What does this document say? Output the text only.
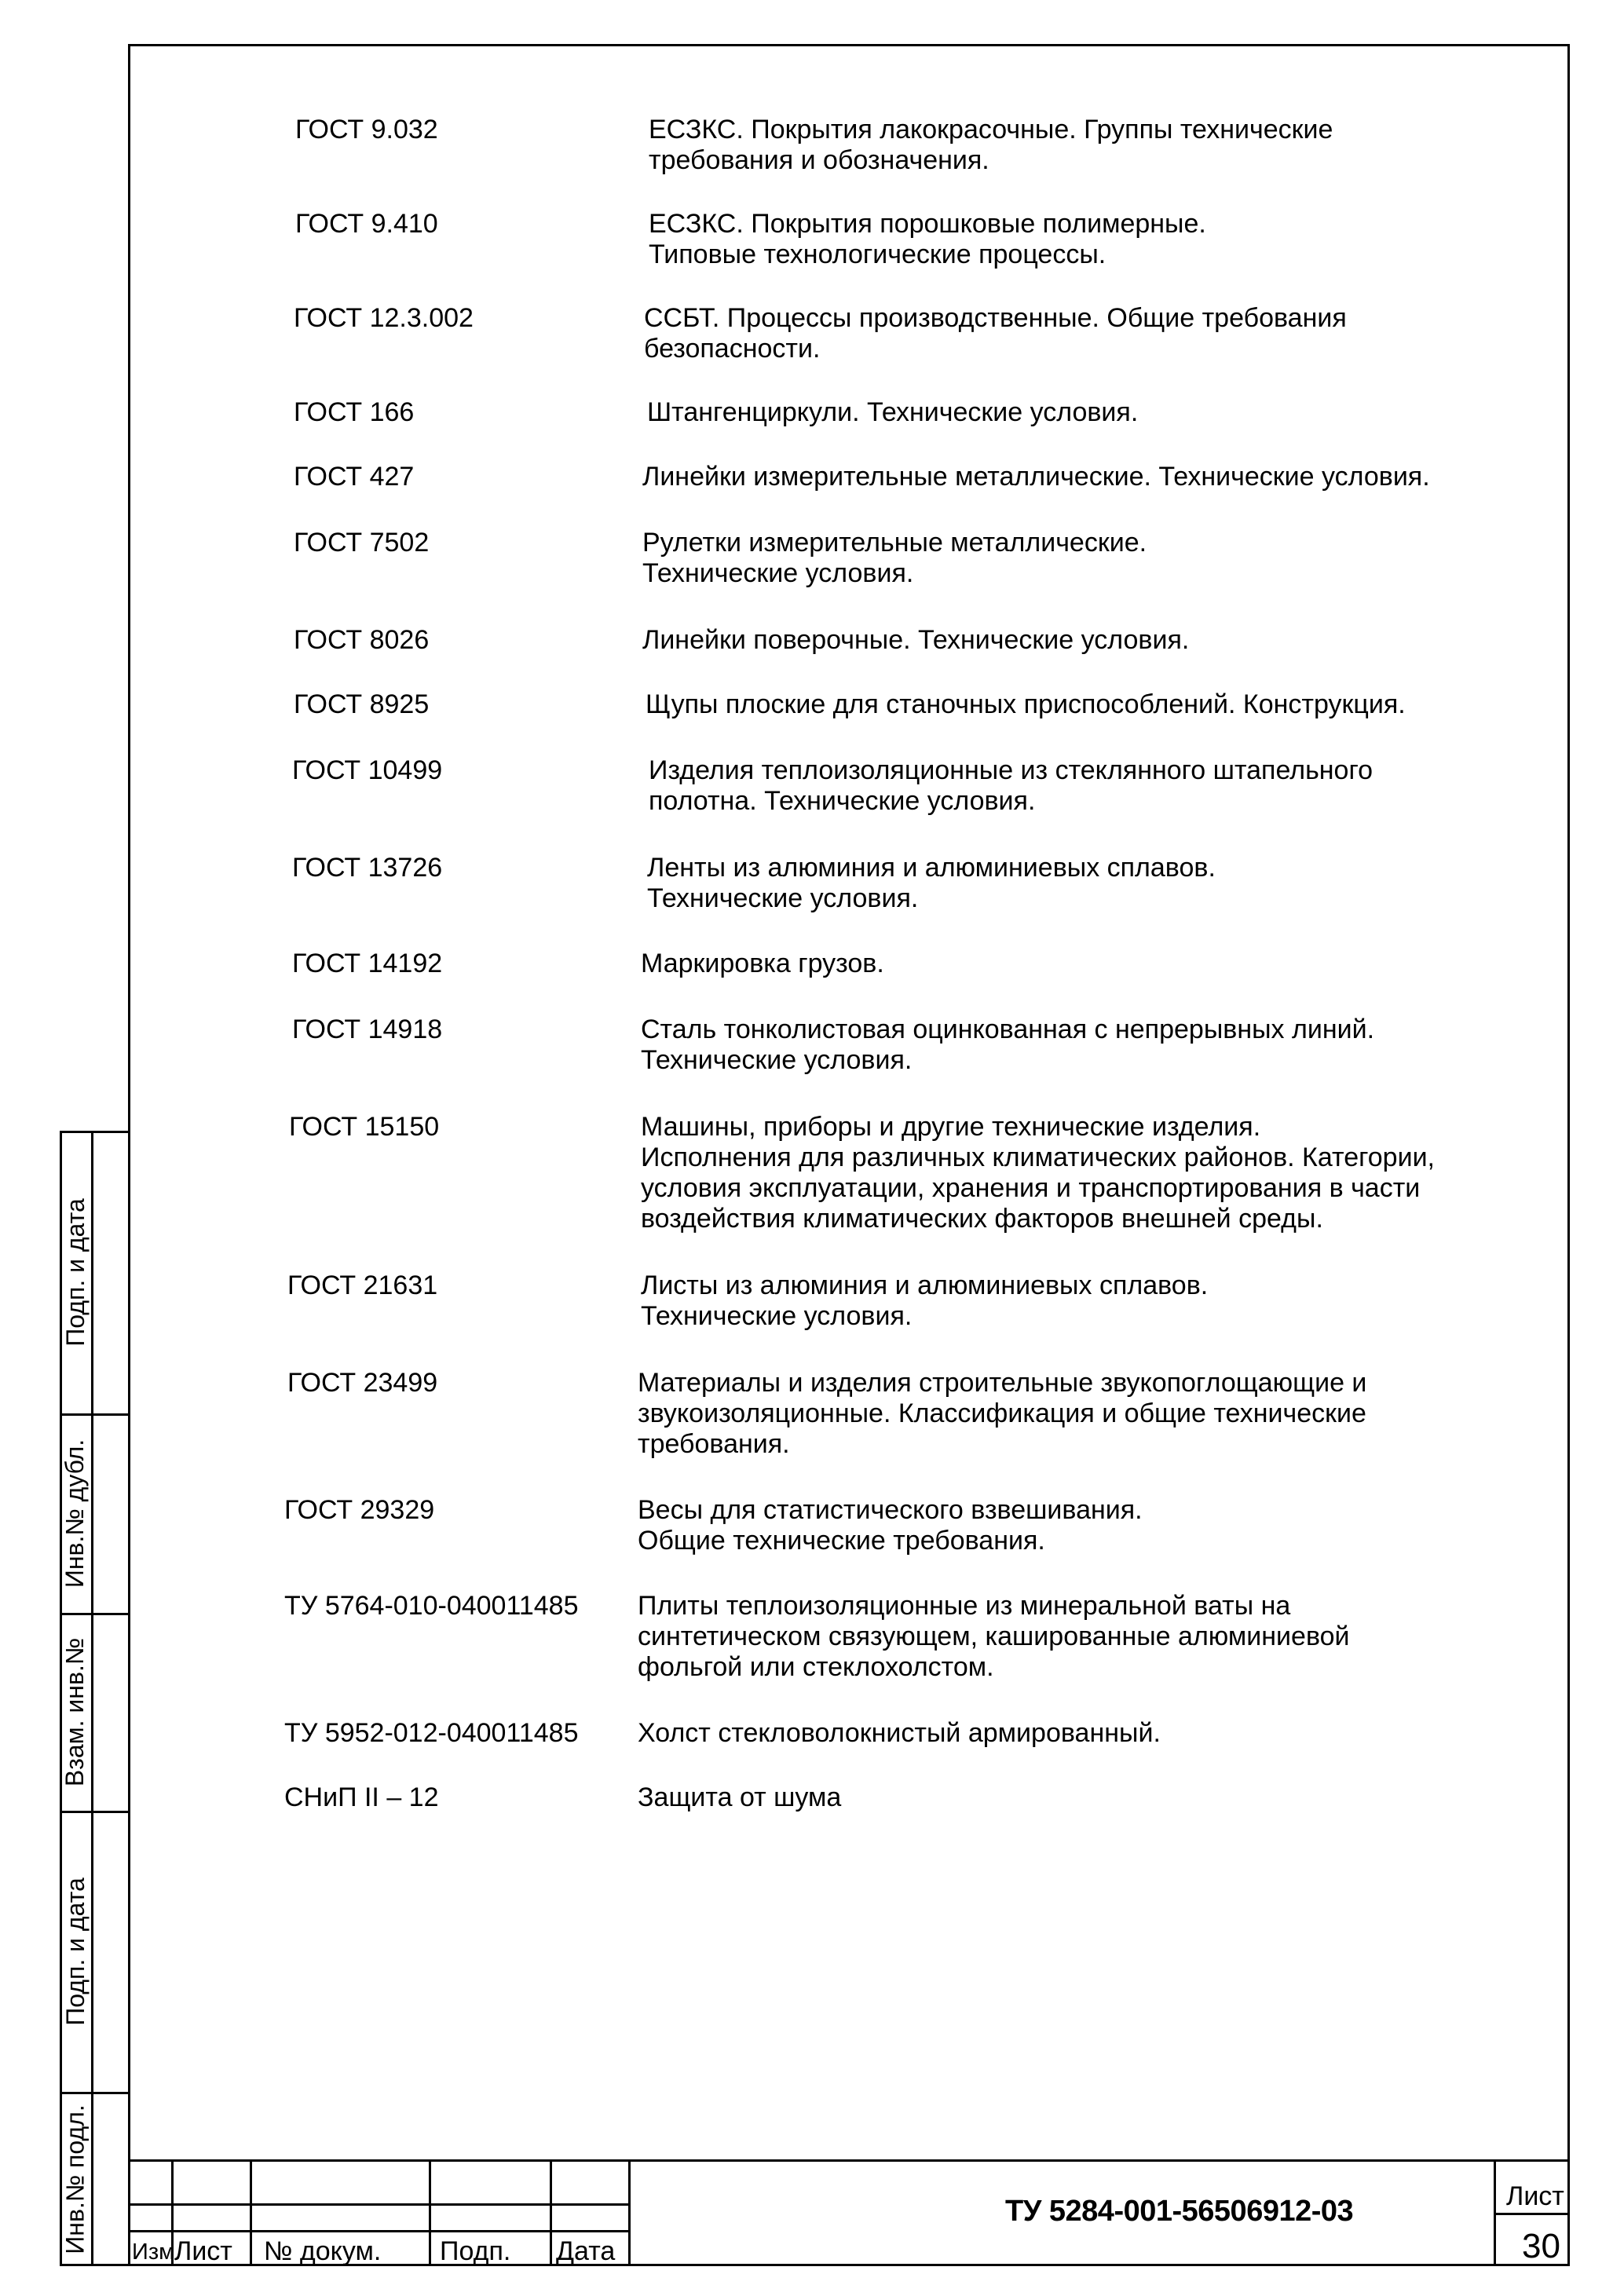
ГОСТ 9.032	ЕСЗКС. Покрытия лакокрасочные. Группы технические
требования и обозначения.
ГОСТ 9.410	ЕСЗКС. Покрытия порошковые полимерные.
Типовые технологические процессы.
ГОСТ 12.3.002	ССБТ. Процессы производственные. Общие требования
безопасности.
ГОСТ 166	Штангенциркули. Технические условия.
ГОСТ 427	Линейки измерительные металлические. Технические условия.
ГОСТ 7502	Рулетки измерительные металлические.
Технические условия.
ГОСТ 8026	Линейки поверочные. Технические условия.
ГОСТ 8925	Щупы плоские для станочных приспособлений. Конструкция.
ГОСТ 10499	Изделия теплоизоляционные из стеклянного штапельного
полотна. Технические условия.
ГОСТ 13726	Ленты из алюминия и алюминиевых сплавов.
Технические условия.
ГОСТ 14192	Маркировка грузов.
ГОСТ 14918	Сталь тонколистовая оцинкованная с непрерывных линий.
Технические условия.
ГОСТ 15150	Машины, приборы и другие технические изделия.
Исполнения для различных климатических районов. Категории,
условия эксплуатации, хранения и транспортирования в части
воздействия климатических факторов внешней среды.
ГОСТ 21631	Листы из алюминия и алюминиевых сплавов.
Технические условия.
ГОСТ 23499	Материалы и изделия строительные звукопоглощающие и
звукоизоляционные. Классификация и общие технические
требования.
ГОСТ 29329	Весы для статистического взвешивания.
Общие технические требования.
ТУ 5764-010-040011485 Плиты теплоизоляционные из минеральной ваты на
синтетическом связующем, кашированные алюминиевой
фольгой или стеклохолстом.
ТУ 5952-012-040011485 Холст стекловолокнистый армированный.
СНиП II – 12	Защита от шума
Подп. и дата
Инв.№ дубл.
Взам. инв.№
Подп. и дата
Инв.№ подл. Изм.
Лист № докум. Подп. Дата
ТУ 5284-001-56506912-03	Лист
30
